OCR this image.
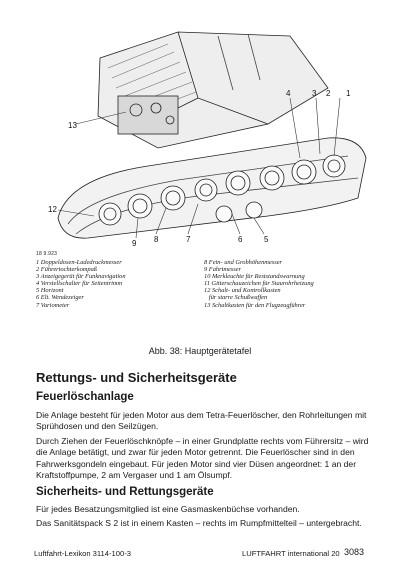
13
4	3 2 1
12
9 8	7	6	5
18 9.923
1 Doppeldosen-Ladedruckmesser
2 Führertochterkompaß
3 Anzeigegerät für Funknavigation
4 Verstellschalter für Seitentrimm
5 Horizont
6 Elt. Wendezeiger
7 Variometer
8 Fein- und Grobhöhenmesser
9 Fahrtmesser
10 Merkleuchte für Reststandswarnung
11 Gitterschauzeichen für Staurohrheizung
12 Schalt- und Kontrollkasten
für starre Schußwaffen
13 Schaltkasten für den Flugzeugführer
Abb. 38: Hauptgerätetafel
Rettungs- und Sicherheitsgeräte
Feuerlöschanlage

Die Anlage besteht für jeden Motor aus dem Tetra-Feuerlöscher, den Rohrleitungen mit
Sprühdosen und den Seilzügen.

Durch Ziehen der Feuerlöschknöpfe – in einer Grundplatte rechts vom Führersitz – wird
die Anlage betätigt, und zwar für jeden Motor getrennt. Die Feuerlöscher sind in den
Fahrwerksgondeln eingebaut. Für jeden Motor sind vier Düsen angeordnet: 1 an der
Kraftstoffpumpe, 2 am Vergaser und 1 am Ölsumpf.

Sicherheits- und Rettungsgeräte

Für jedes Besatzungsmitglied ist eine Gasmaskenbüchse vorhanden.

Das Sanitätspack S 2 ist in einem Kasten – rechts im Rumpfmittelteil – untergebracht.

Luftfahrt-Lexikon 3114-100-3	LUFTFAHRT international 20 3083
